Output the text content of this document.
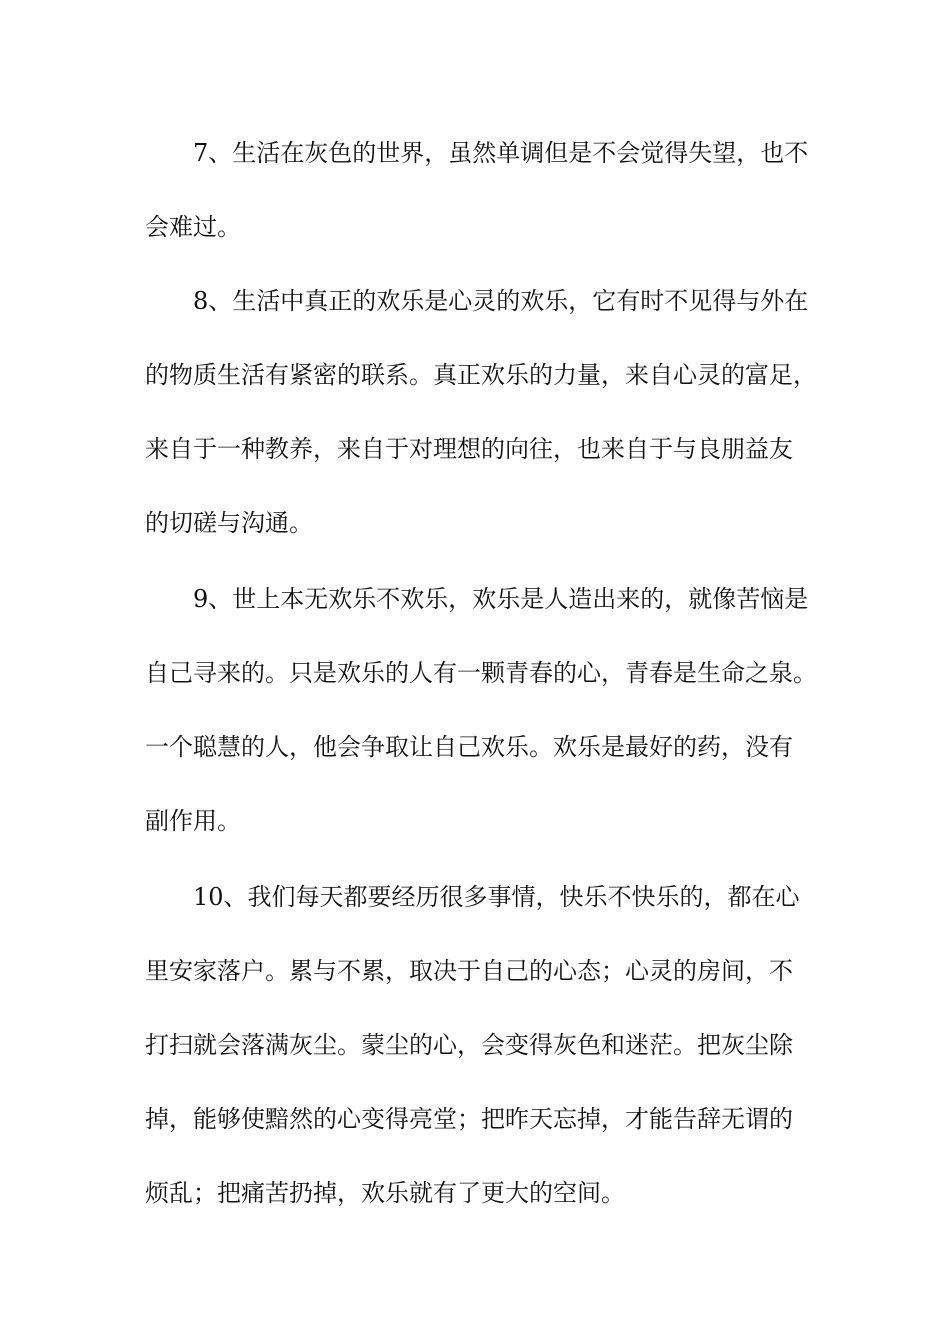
7、生活在灰色的世界，虽然单调但是不会觉得失望，也不
会难过。
8、生活中真正的欢乐是心灵的欢乐，它有时不见得与外在
的物质生活有紧密的联系。真正欢乐的力量，来自心灵的富足，
来自于一种教养，来自于对理想的向往，也来自于与良朋益友
的切磋与沟通。
9、世上本无欢乐不欢乐，欢乐是人造出来的，就像苦恼是
自己寻来的。只是欢乐的人有一颗青春的心，青春是生命之泉。
一个聪慧的人，他会争取让自己欢乐。欢乐是最好的药，没有
副作用。
10、我们每天都要经历很多事情，快乐不快乐的，都在心
里安家落户。累与不累，取决于自己的心态；心灵的房间，不
打扫就会落满灰尘。蒙尘的心，会变得灰色和迷茫。把灰尘除
掉，能够使黯然的心变得亮堂；把昨天忘掉，才能告辞无谓的
烦乱；把痛苦扔掉，欢乐就有了更大的空间。
